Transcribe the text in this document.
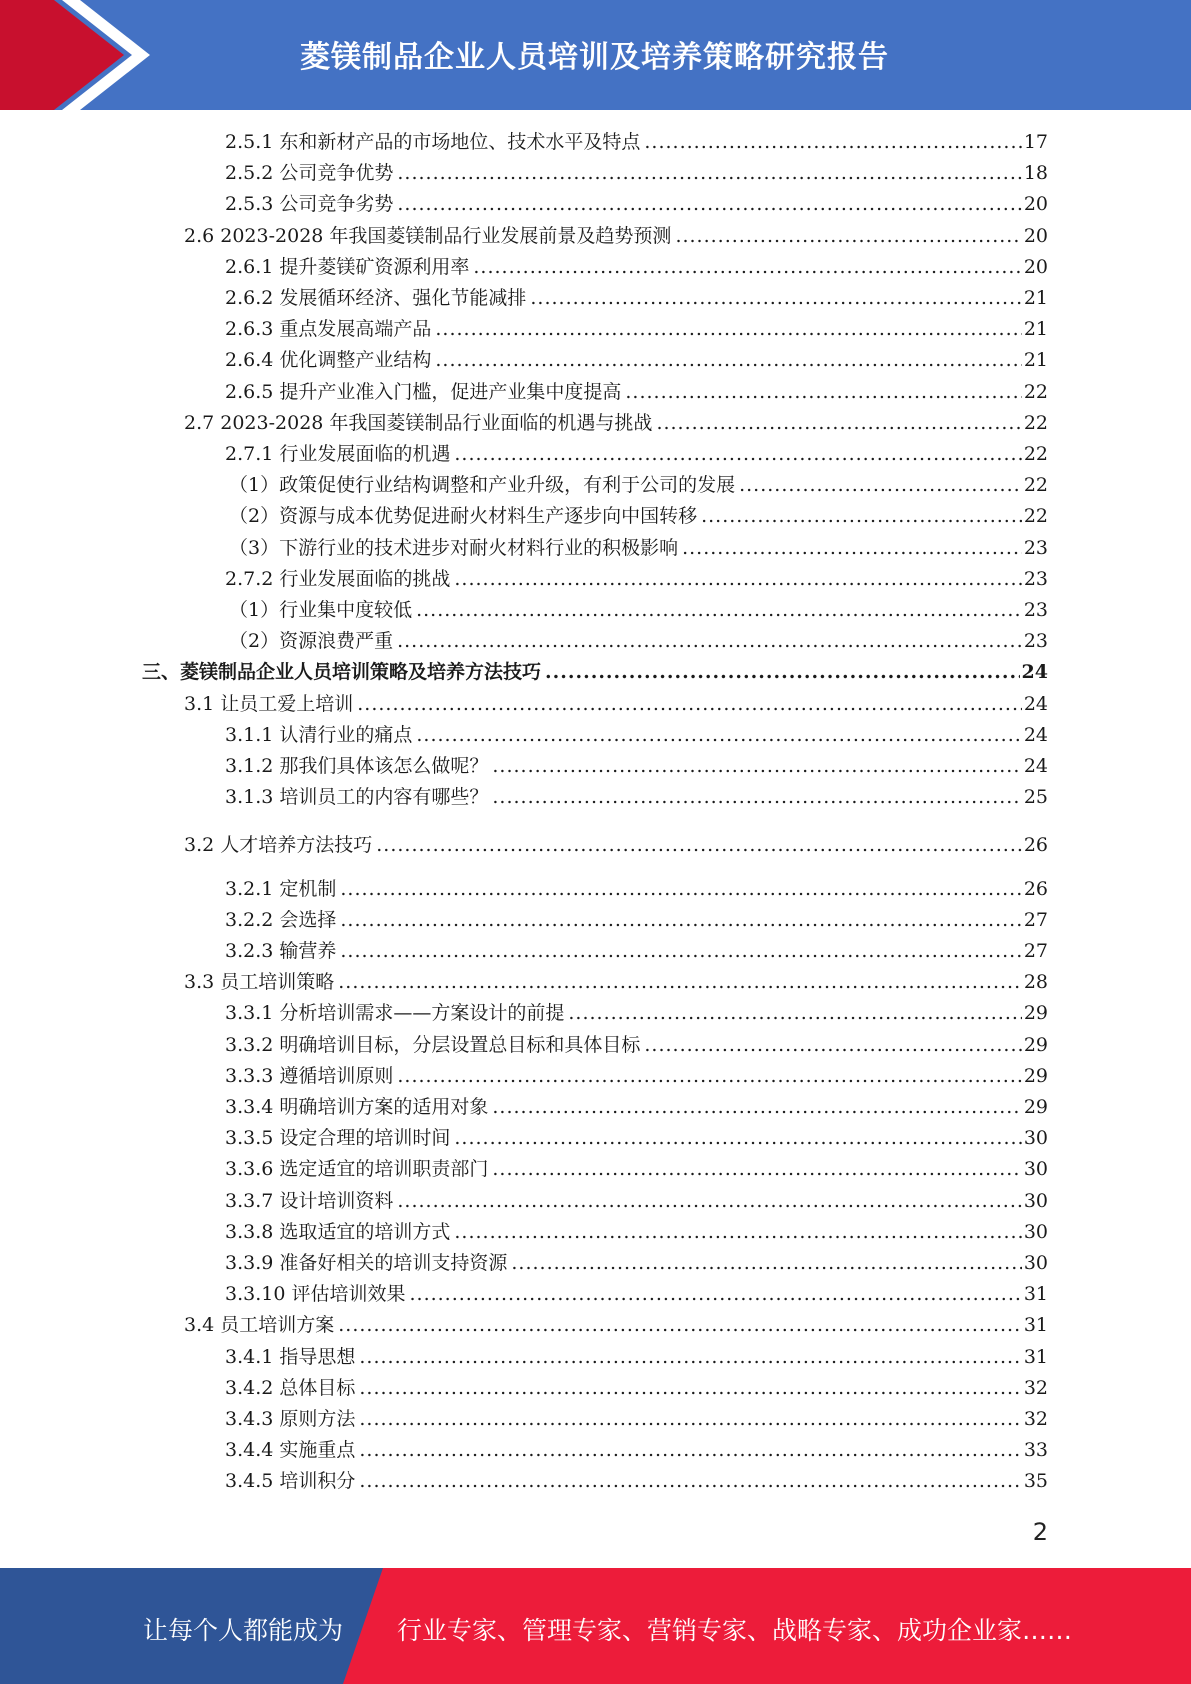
菱镁制品企业人员培训及培养策略研究报告
2.5.1 东和新材产品的市场地位、技术水平及特点 .....	17
2.5.2 公司竞争优势 .....	18
2.5.3 公司竞争劣势 .....	20
2.6 2023-2028 年我国菱镁制品行业发展前景及趋势预测 .....	20
2.6.1 提升菱镁矿资源利用率 .....	20
2.6.2 发展循环经济、强化节能减排 .....	21
2.6.3 重点发展高端产品 .....	21
2.6.4 优化调整产业结构 .....	21
2.6.5 提升产业准入门槛，促进产业集中度提高 .....	22
2.7 2023-2028 年我国菱镁制品行业面临的机遇与挑战 .....	22
2.7.1 行业发展面临的机遇 .....	22
（1）政策促使行业结构调整和产业升级，有利于公司的发展 .....	22
（2）资源与成本优势促进耐火材料生产逐步向中国转移 .....	22
（3）下游行业的技术进步对耐火材料行业的积极影响 .....	23
2.7.2 行业发展面临的挑战 .....	23
（1）行业集中度较低 .....	23
（2）资源浪费严重 .....	23
三、菱镁制品企业人员培训策略及培养方法技巧 .....	24
3.1 让员工爱上培训 .....	24
3.1.1 认清行业的痛点 .....	24
3.1.2 那我们具体该怎么做呢？ .....	24
3.1.3 培训员工的内容有哪些？ .....	25
3.2 人才培养方法技巧 .....	26
3.2.1 定机制 .....	26
3.2.2 会选择 .....	27
3.2.3 输营养 .....	27
3.3 员工培训策略 .....	28
3.3.1 分析培训需求——方案设计的前提 .....	29
3.3.2 明确培训目标，分层设置总目标和具体目标 .....	29
3.3.3 遵循培训原则 .....	29
3.3.4 明确培训方案的适用对象 .....	29
3.3.5 设定合理的培训时间 .....	30
3.3.6 选定适宜的培训职责部门 .....	30
3.3.7 设计培训资料 .....	30
3.3.8 选取适宜的培训方式 .....	30
3.3.9 准备好相关的培训支持资源 .....	30
3.3.10 评估培训效果 .....	31
3.4 员工培训方案 .....	31
3.4.1 指导思想 .....	31
3.4.2 总体目标 .....	32
3.4.3 原则方法 .....	32
3.4.4 实施重点 .....	33
3.4.5 培训积分 .....	35
2
让每个人都能成为 行业专家、管理专家、营销专家、战略专家、成功企业家……
